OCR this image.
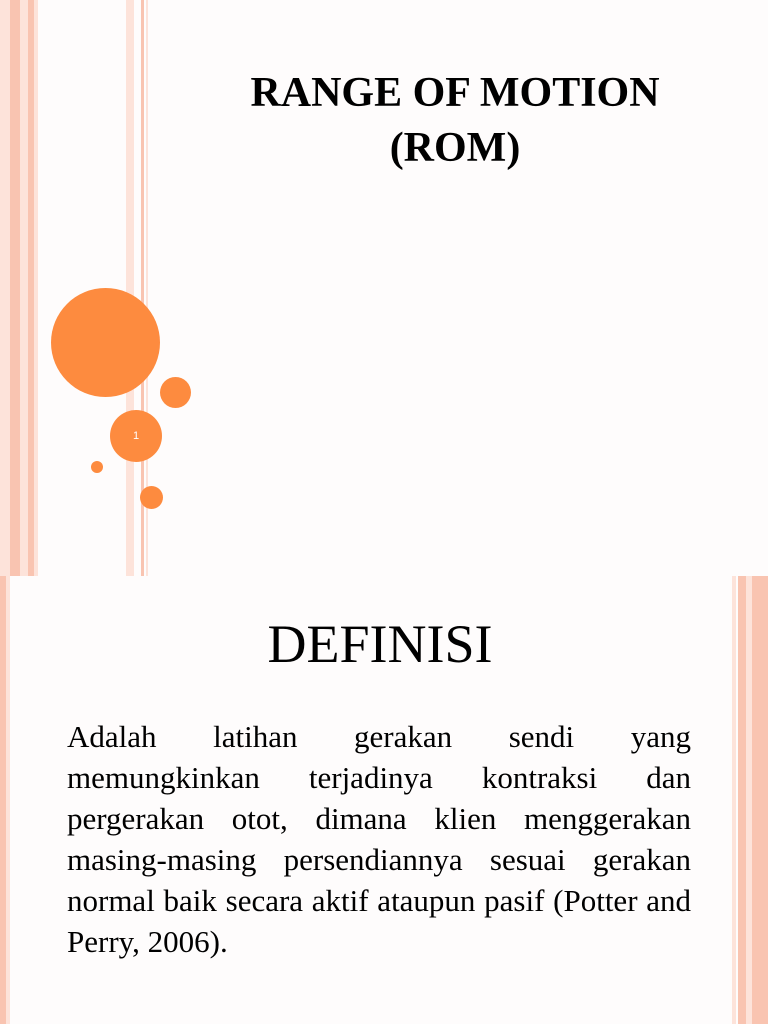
1
RANGE OF MOTION
(ROM)
DEFINISI
Adalah latihan gerakan sendi yang memungkinkan terjadinya kontraksi dan pergerakan otot, dimana klien menggerakan masing-masing persendiannya sesuai gerakan normal baik secara aktif ataupun pasif (Potter and Perry, 2006).
